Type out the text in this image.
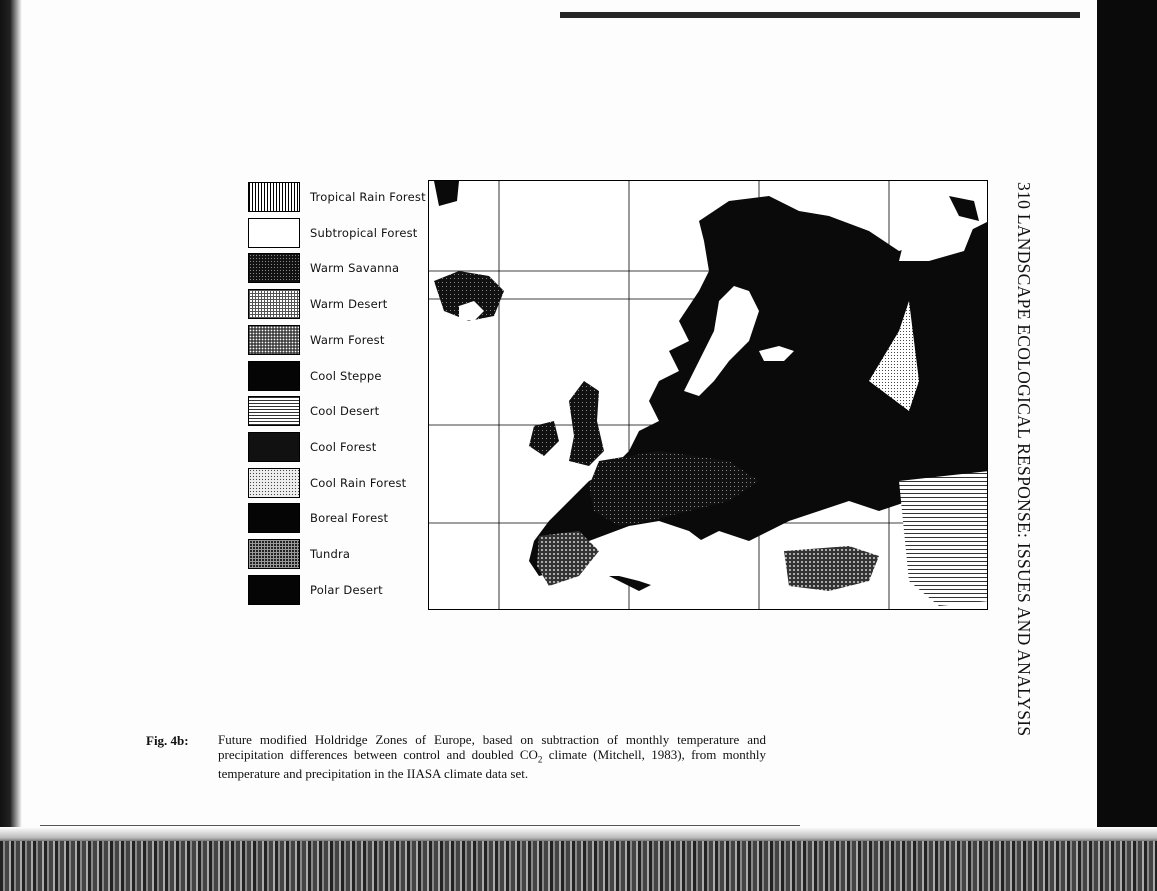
Tropical Rain Forest
Subtropical Forest
Warm Savanna
Warm Desert
Warm Forest
Cool Steppe
Cool Desert
Cool Forest
Cool Rain Forest
Boreal Forest
Tundra
Polar Desert	310 LANDSCAPE ECOLOGICAL RESPONSE: ISSUES AND ANALYSIS
Fig. 4b: Future modified Holdridge Zones of Europe, based on subtraction of monthly temperature and precipitation differences between control and doubled $CO_2$ climate (Mitchell, 1983), from monthly temperature and precipitation in the IIASA climate data set.
